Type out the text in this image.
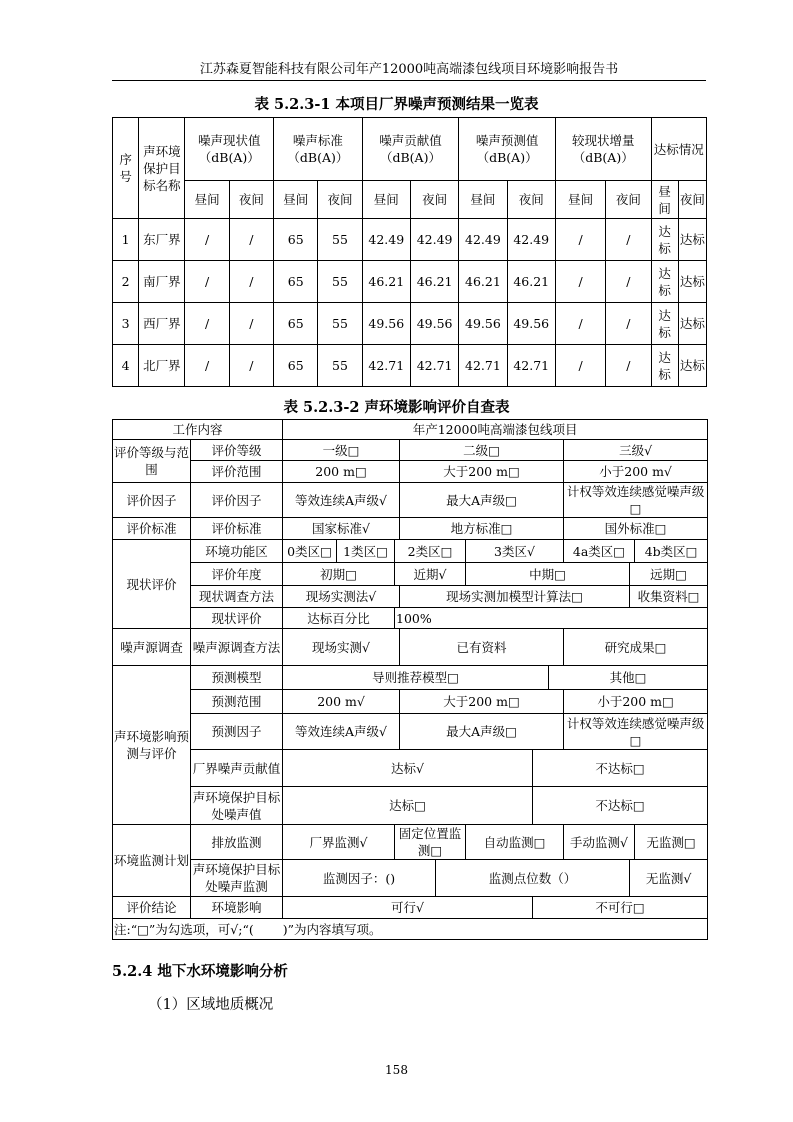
江苏森夏智能科技有限公司年产12000吨高端漆包线项目环境影响报告书
表 5.2.3-1 本项目厂界噪声预测结果一览表
序号	声环境保护目标名称	噪声现状值（dB(A)）		噪声标准（dB(A)）		噪声贡献值（dB(A)）		噪声预测值（dB(A)）		较现状增量（dB(A)）		达标情况	
		昼间	夜间	昼间	夜间	昼间	夜间	昼间	夜间	昼间	夜间	昼间	夜间
1	东厂界	/	/	65	55	42.49	42.49	42.49	42.49	/	/	达标	达标
2	南厂界	/	/	65	55	46.21	46.21	46.21	46.21	/	/	达标	达标
3	西厂界	/	/	65	55	49.56	49.56	49.56	49.56	/	/	达标	达标
4	北厂界	/	/	65	55	42.71	42.71	42.71	42.71	/	/	达标	达标
表 5.2.3-2 声环境影响评价自查表
工作内容		年产12000吨高端漆包线项目										
评价等级与范围	评价等级	一级□			二级□					三级√		
	评价范围	200 m□			大于200 m□					小于200 m√		
评价因子	评价因子	等效连续A声级√			最大A声级□					计权等效连续感觉噪声级□		
评价标准	评价标准	国家标准√			地方标准□					国外标准□		
现状评价	环境功能区	0类区□	1类区□	2类区□			3类区√			4a类区□		4b类区□
	评价年度	初期□		近期√			中期□				远期□	
	现状调查方法	现场实测法√			现场实测加模型计算法□						收集资料□	
	现状评价	达标百分比		100%								
噪声源调查	噪声源调查方法	现场实测√			已有资料					研究成果□		
声环境影响预测与评价	预测模型	导则推荐模型□							其他□			
	预测范围	200 m√			大于200 m□					小于200 m□		
	预测因子	等效连续A声级√			最大A声级□					计权等效连续感觉噪声级□		
	厂界噪声贡献值	达标√						不达标□				
	声环境保护目标处噪声值	达标□						不达标□				
环境监测计划	排放监测	厂界监测√		固定位置监测□			自动监测□			手动监测√		无监测□
	声环境保护目标处噪声监测	监测因子：()				监测点位数（）					无监测√	
评价结论	环境影响	可行√						不可行□				
注:“□”为勾选项，可√;“(　　 )”为内容填写项。												
5.2.4 地下水环境影响分析
（1）区域地质概况
158
